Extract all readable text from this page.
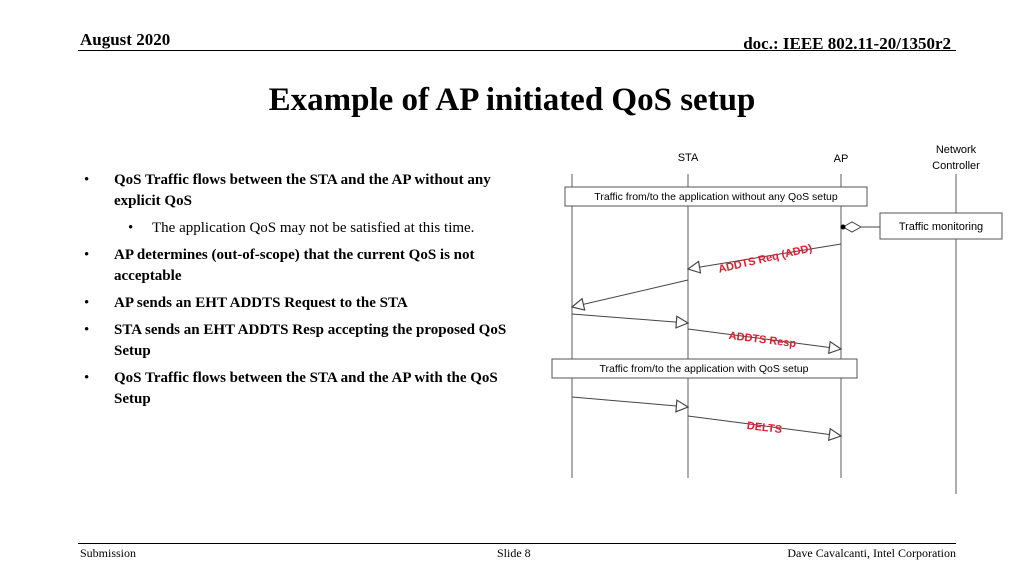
August 2020	doc.: IEEE 802.11-20/1350r2
Example of AP initiated QoS setup
• QoS Traffic flows between the STA and the AP without any explicit QoS
• The application QoS may not be satisfied at this time.
• AP determines (out-of-scope) that the current QoS is not acceptable
• AP sends an EHT ADDTS Request to the STA
• STA sends an EHT ADDTS Resp accepting the proposed QoS Setup
• QoS Traffic flows between the STA and the AP with the QoS Setup
STA	AP
Network
Controller
Traffic from/to the application without any QoS setup
Traffic monitoring
ADDTS Req (ADD)
ADDTS Resp
Traffic from/to the application with QoS setup
DELTS
Submission	Slide 8	Dave Cavalcanti, Intel Corporation
